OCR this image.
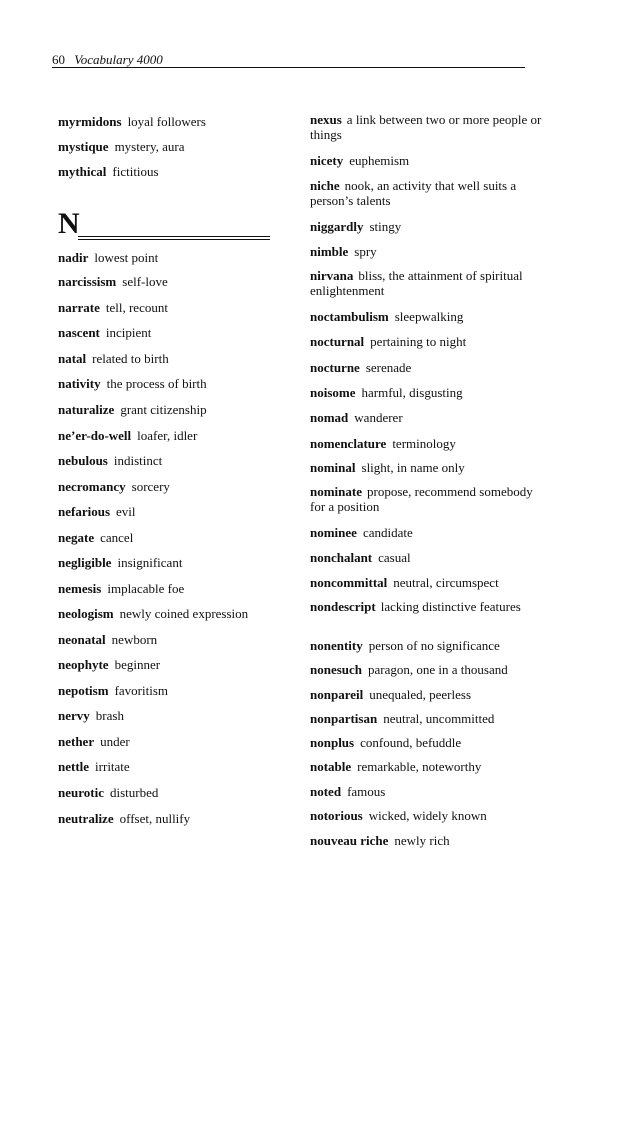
60 Vocabulary 4000
myrmidons loyal followers
mystique mystery, aura
mythical fictitious
N
nadir lowest point
narcissism self-love
narrate tell, recount
nascent incipient
natal related to birth
nativity the process of birth
naturalize grant citizenship
ne’er-do-well loafer, idler
nebulous indistinct
necromancy sorcery
nefarious evil
negate cancel
negligible insignificant
nemesis implacable foe
neologism newly coined expression
neonatal newborn
neophyte beginner
nepotism favoritism
nervy brash
nether under
nettle irritate
neurotic disturbed
neutralize offset, nullify
nexus a link between two or more people or things
nicety euphemism
niche nook, an activity that well suits a person’s talents
niggardly stingy
nimble spry
nirvana bliss, the attainment of spiritual enlightenment
noctambulism sleepwalking
nocturnal pertaining to night
nocturne serenade
noisome harmful, disgusting
nomad wanderer
nomenclature terminology
nominal slight, in name only
nominate propose, recommend somebody for a position
nominee candidate
nonchalant casual
noncommittal neutral, circumspect
nondescript lacking distinctive features
nonentity person of no significance
nonesuch paragon, one in a thousand
nonpareil unequaled, peerless
nonpartisan neutral, uncommitted
nonplus confound, befuddle
notable remarkable, noteworthy
noted famous
notorious wicked, widely known
nouveau riche newly rich
